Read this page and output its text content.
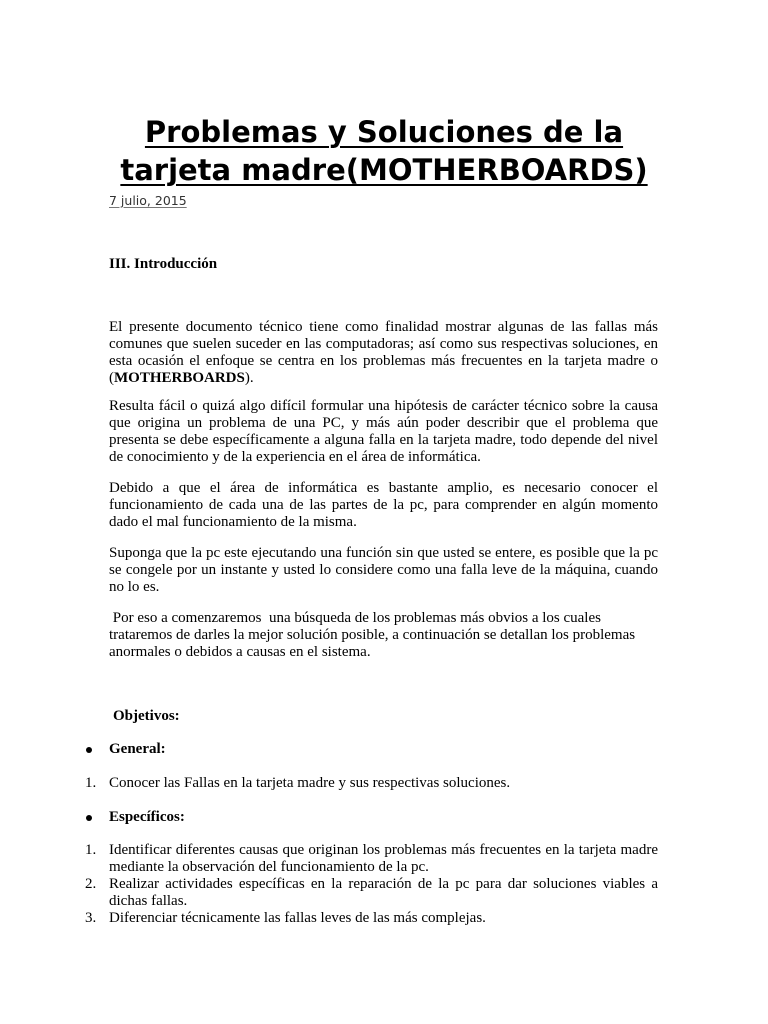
Problemas y Soluciones de la
tarjeta madre(MOTHERBOARDS)
7 julio, 2015
III. Introducción

El presente documento técnico tiene como finalidad mostrar algunas de las fallas más comunes que suelen suceder en las computadoras; así como sus respectivas soluciones, en esta ocasión el enfoque se centra en los problemas más frecuentes en la tarjeta madre o (MOTHERBOARDS).

Resulta fácil o quizá algo difícil formular una hipótesis de carácter técnico sobre la causa que origina un problema de una PC, y más aún poder describir que el problema que presenta se debe específicamente a alguna falla en la tarjeta madre, todo depende del nivel de conocimiento y de la experiencia en el área de informática.

Debido a que el área de informática es bastante amplio, es necesario conocer el funcionamiento de cada una de las partes de la pc, para comprender en algún momento dado el mal funcionamiento de la misma.

Suponga que la pc este ejecutando una función sin que usted se entere, es posible que la pc se congele por un instante y usted lo considere como una falla leve de la máquina, cuando no lo es.

Por eso a comenzaremos  una búsqueda de los problemas más obvios a los cuales trataremos de darles la mejor solución posible, a continuación se detallan los problemas anormales o debidos a causas en el sistema.

Objetivos:
General:
1. Conocer las Fallas en la tarjeta madre y sus respectivas soluciones.
Específicos:
1. Identificar diferentes causas que originan los problemas más frecuentes en la tarjeta madre mediante la observación del funcionamiento de la pc.
2. Realizar actividades específicas en la reparación de la pc para dar soluciones viables a dichas fallas.
3. Diferenciar técnicamente las fallas leves de las más complejas.
